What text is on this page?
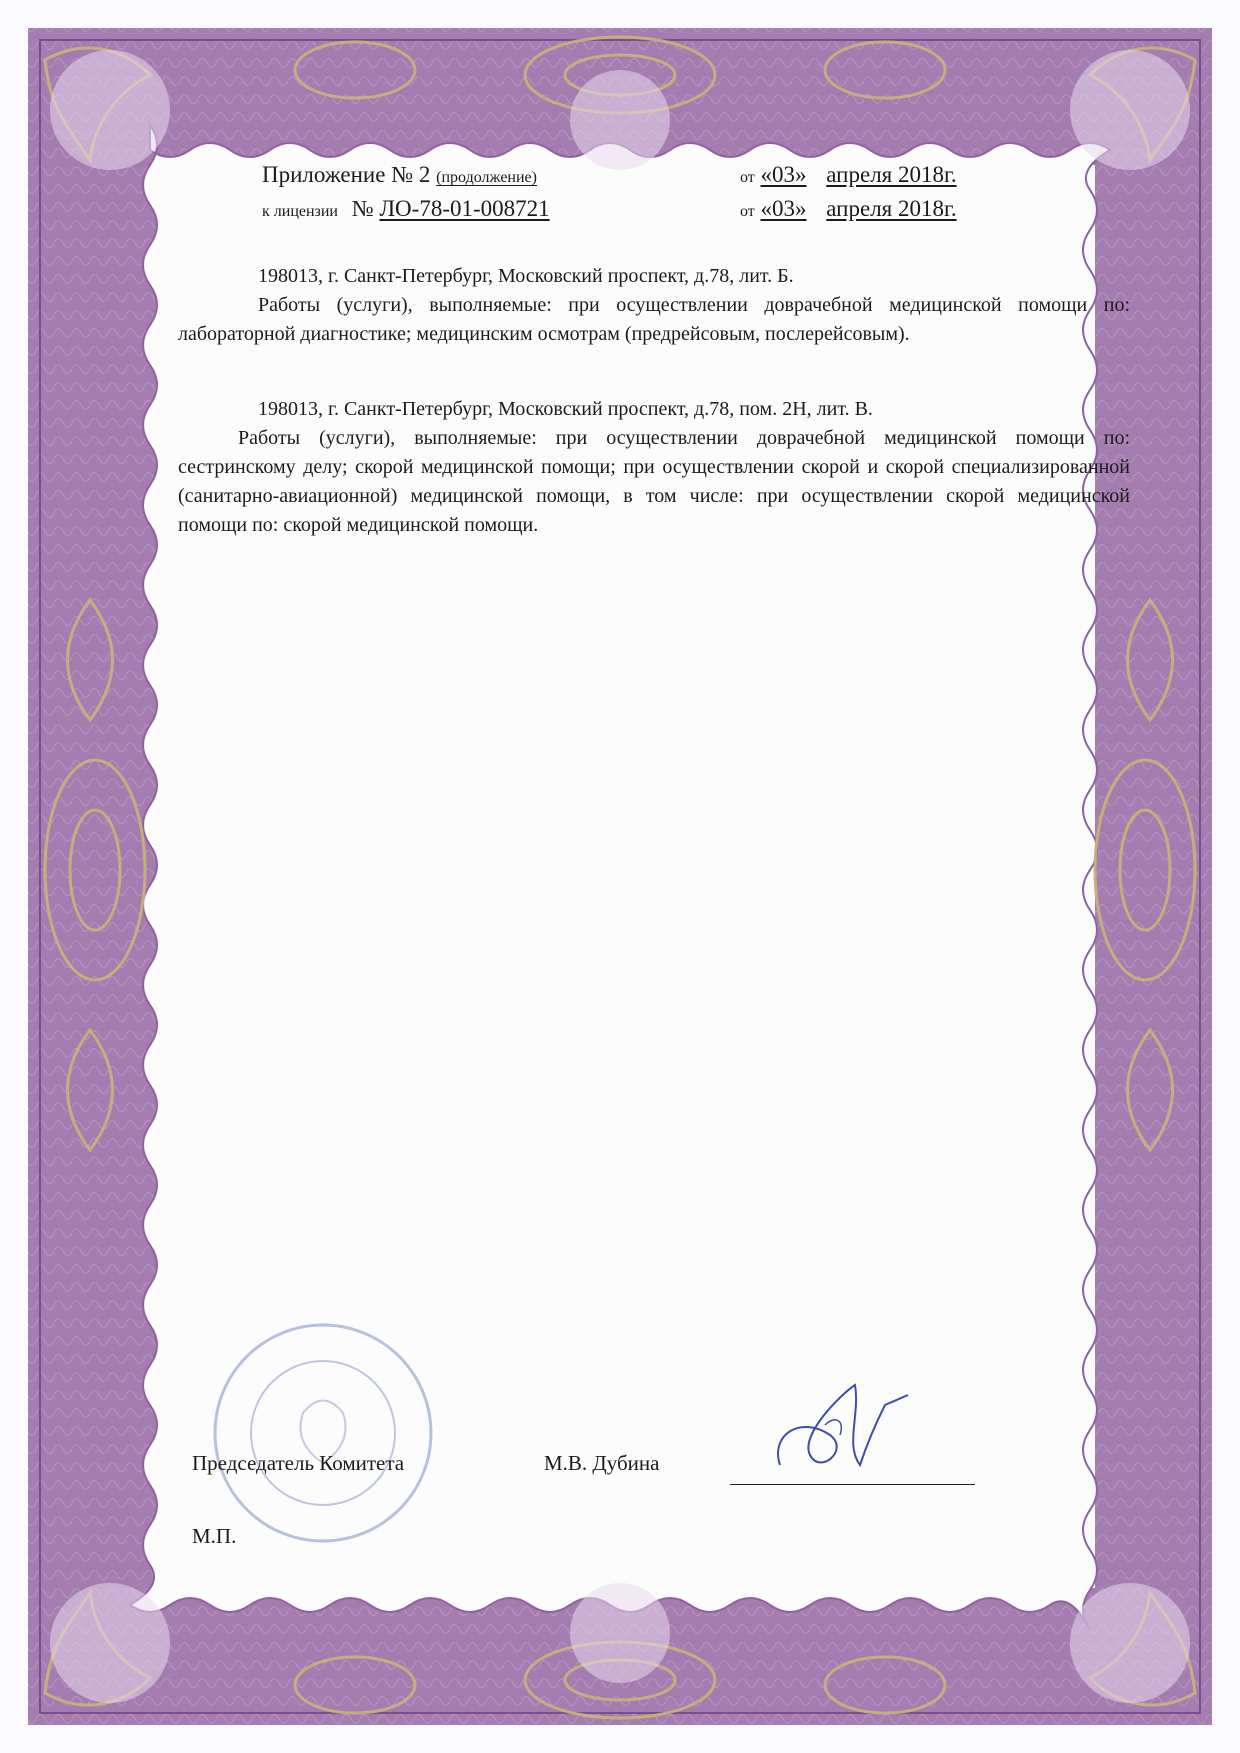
Приложение № 2 (продолжение)	от «03» апреля 2018г.
к лицензии № ЛО-78-01-008721	от «03» апреля 2018г.

198013, г. Санкт-Петербург, Московский проспект, д.78, лит. Б.

Работы (услуги), выполняемые: при осуществлении доврачебной медицинской помощи по: лабораторной диагностике; медицинским осмотрам (предрейсовым, послерейсовым).

198013, г. Санкт-Петербург, Московский проспект, д.78, пом. 2Н, лит. В.

Работы (услуги), выполняемые: при осуществлении доврачебной медицинской помощи по: сестринскому делу; скорой медицинской помощи; при осуществлении скорой и скорой специализированной (санитарно-авиационной) медицинской помощи, в том числе: при осуществлении скорой медицинской помощи по: скорой медицинской помощи.

Председатель Комитета	М.В. Дубина
М.П.
